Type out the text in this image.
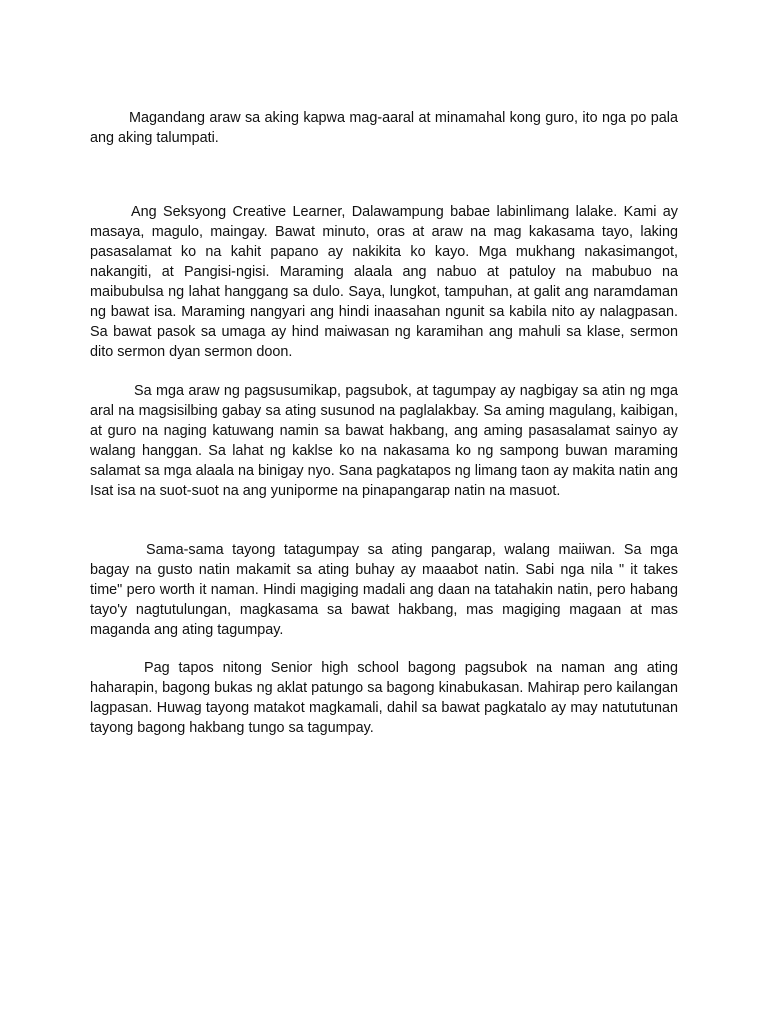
Magandang araw sa aking kapwa mag-aaral at minamahal kong guro, ito nga po pala ang aking talumpati.

Ang Seksyong Creative Learner, Dalawampung babae labinlimang lalake. Kami ay masaya, magulo, maingay. Bawat minuto, oras at araw na mag kakasama tayo, laking pasasalamat ko na kahit papano ay nakikita ko kayo. Mga mukhang nakasimangot, nakangiti, at Pangisi-ngisi. Maraming alaala ang nabuo at patuloy na mabubuo na maibubulsa ng lahat hanggang sa dulo. Saya, lungkot, tampuhan, at galit ang naramdaman ng bawat isa. Maraming nangyari ang hindi inaasahan ngunit sa kabila nito ay nalagpasan. Sa bawat pasok sa umaga ay hind maiwasan ng karamihan ang mahuli sa klase, sermon dito sermon dyan sermon doon.

Sa mga araw ng pagsusumikap, pagsubok, at tagumpay ay nagbigay sa atin ng mga aral na magsisilbing gabay sa ating susunod na paglalakbay. Sa aming magulang, kaibigan, at guro na naging katuwang namin sa bawat hakbang, ang aming pasasalamat sainyo ay walang hanggan. Sa lahat ng kaklse ko na nakasama ko ng sampong buwan maraming salamat sa mga alaala na binigay nyo. Sana pagkatapos ng limang taon ay makita natin ang Isat isa na suot-suot na ang yuniporme na pinapangarap natin na masuot.

Sama-sama tayong tatagumpay sa ating pangarap, walang maiiwan. Sa mga bagay na gusto natin makamit sa ating buhay ay maaabot natin. Sabi nga nila " it takes time" pero worth it naman. Hindi magiging madali ang daan na tatahakin natin, pero habang tayo'y nagtutulungan, magkasama sa bawat hakbang, mas magiging magaan at mas maganda ang ating tagumpay.

Pag tapos nitong Senior high school bagong pagsubok na naman ang ating haharapin, bagong bukas ng aklat patungo sa bagong kinabukasan. Mahirap pero kailangan lagpasan. Huwag tayong matakot magkamali, dahil sa bawat pagkatalo ay may natututunan tayong bagong hakbang tungo sa tagumpay.
